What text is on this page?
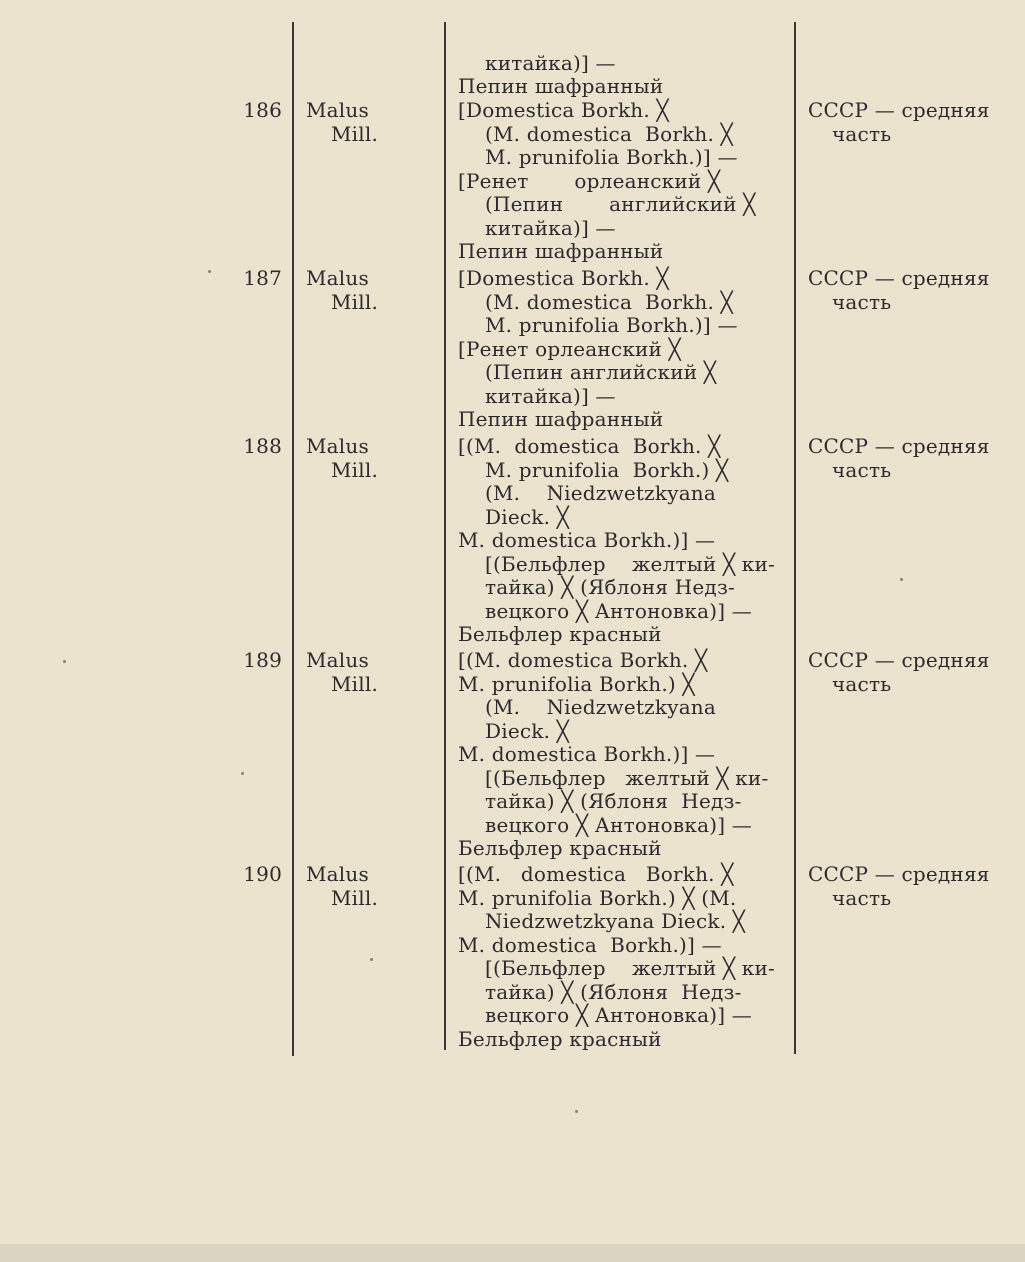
китайка)] —
Пепин шафранный
186 Malus
Mill.
[Domestica Borkh. ╳
(M. domestica  Borkh. ╳
M. prunifolia Borkh.)] —
[Ренет       орлеанский ╳
(Пепин       английский ╳
китайка)] —
Пепин шафранный
СССР — средняя
часть
187 Malus
Mill.
[Domestica Borkh. ╳
(M. domestica  Borkh. ╳
M. prunifolia Borkh.)] —
[Ренет орлеанский ╳
(Пепин английский ╳
китайка)] —
Пепин шафранный
СССР — средняя
часть
188 Malus
Mill.
[(M.  domestica  Borkh. ╳
M. prunifolia  Borkh.) ╳
(M.    Niedzwetzkyana
Dieck. ╳
M. domestica Borkh.)] —
[(Бельфлер    желтый ╳ ки-
тайка) ╳ (Яблоня Недз-
вецкого ╳ Антоновка)] —
Бельфлер красный
СССР — средняя
часть
189 Malus
Mill.
[(M. domestica Borkh. ╳
M. prunifolia Borkh.) ╳
(M.    Niedzwetzkyana
Dieck. ╳
M. domestica Borkh.)] —
[(Бельфлер   желтый ╳ ки-
тайка) ╳ (Яблоня  Недз-
вецкого ╳ Антоновка)] —
Бельфлер красный
СССР — средняя
часть
190 Malus
Mill.
[(M.   domestica   Borkh. ╳
M. prunifolia Borkh.) ╳ (M.
Niedzwetzkyana Dieck. ╳
M. domestica  Borkh.)] —
[(Бельфлер    желтый ╳ ки-
тайка) ╳ (Яблоня  Недз-
вецкого ╳ Антоновка)] —
Бельфлер красный
СССР — средняя
часть
